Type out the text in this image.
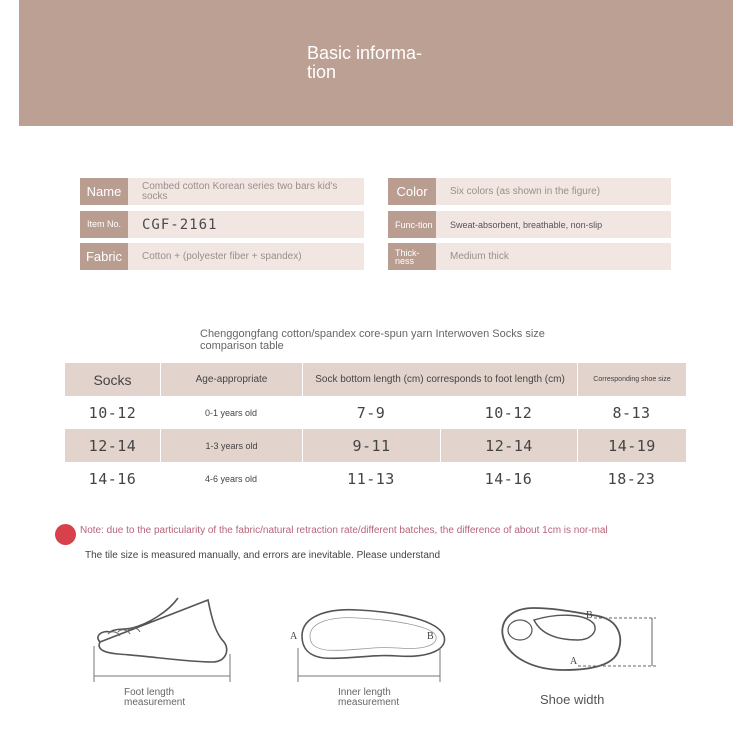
Basic informa-tion
Name	Combed cotton Korean series two bars kid's socks
Item No.	CGF-2161
Fabric	Cotton + (polyester fiber + spandex)
Color	Six colors (as shown in the figure)
Func-tion	Sweat-absorbent, breathable, non-slip
Thick-ness	Medium thick
Chenggongfang cotton/spandex core-spun yarn Interwoven Socks size comparison table
Socks	Age-appropriate	Sock bottom length (cm) corresponds to foot length (cm)	Corresponding shoe size
10-12	0-1 years old	7-9	10-12	8-13
12-14	1-3 years old	9-11	12-14	14-19
14-16	4-6 years old	11-13	14-16	18-23
Note: due to the particularity of the fabric/natural retraction rate/different batches, the difference of about 1cm is nor-mal
The tile size is measured manually, and errors are inevitable. Please understand
Foot length measurement
A	B
Inner length measurement
B
A
Shoe width
